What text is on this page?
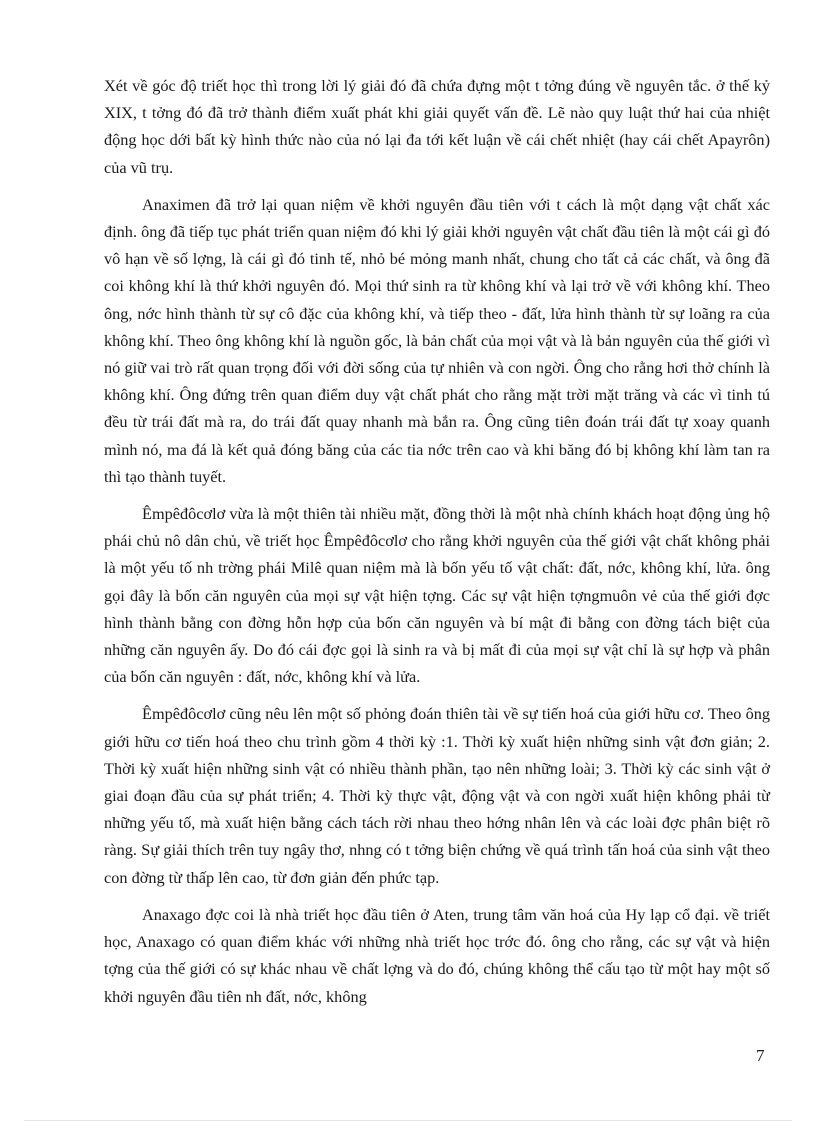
Xét về góc độ triết học thì trong lời lý giải đó đã chứa đựng một t tởng đúng về nguyên tắc. ở thế kỷ XIX, t tởng đó đã trở thành điểm xuất phát khi giải quyết vấn đề. Lẽ nào quy luật thứ hai của nhiệt động học dới bất kỳ hình thức nào của nó lại đa tới kết luận về cái chết nhiệt (hay cái chết Apayrôn) của vũ trụ.

Anaximen đã trở lại quan niệm về khởi nguyên đầu tiên với t cách là một dạng vật chất xác định. ông đã tiếp tục phát triển quan niệm đó khi lý giải khởi nguyên vật chất đầu tiên là một cái gì đó vô hạn về số lợng, là cái gì đó tinh tế, nhỏ bé mỏng manh nhất, chung cho tất cả các chất, và ông đã coi không khí là thứ khởi nguyên đó. Mọi thứ sinh ra từ không khí và lại trở về với không khí. Theo ông, nớc hình thành từ sự cô đặc của không khí, và tiếp theo - đất, lửa hình thành từ sự loãng ra của không khí. Theo ông không khí là nguồn gốc, là bản chất của mọi vật và là bản nguyên của thế giới vì nó giữ vai trò rất quan trọng đối với đời sống của tự nhiên và con ngời. Ông cho rằng hơi thở chính là không khí. Ông đứng trên quan điểm duy vật chất phát cho rằng mặt trời mặt trăng và các vì tinh tú đều từ trái đất mà ra, do trái đất quay nhanh mà bắn ra. Ông cũng tiên đoán trái đất tự xoay quanh mình nó, ma đá là kết quả đóng băng của các tia nớc trên cao và khi băng đó bị không khí làm tan ra thì tạo thành tuyết.

Êmpêđôcơlơ vừa là một thiên tài nhiều mặt, đồng thời là một nhà chính khách hoạt động ủng hộ phái chủ nô dân chủ, về triết học Êmpêđôcơlơ cho rằng khởi nguyên của thế giới vật chất không phải là một yếu tố nh trờng phái Milê quan niệm mà là bốn yếu tố vật chất: đất, nớc, không khí, lửa. ông gọi đây là bốn căn nguyên của mọi sự vật hiện tợng. Các sự vật hiện tợngmuôn vẻ của thế giới đợc hình thành bằng con đờng hỗn hợp của bốn căn nguyên và bí mật đi bằng con đờng tách biệt của những căn nguyên ấy. Do đó cái đợc gọi là sinh ra và bị mất đi của mọi sự vật chỉ là sự hợp và phân của bốn căn nguyên : đất, nớc, không khí và lửa.

Êmpêđôcơlơ cũng nêu lên một số phỏng đoán thiên tài về sự tiến hoá của giới hữu cơ. Theo ông giới hữu cơ tiến hoá theo chu trình gồm 4 thời kỳ :1. Thời kỳ xuất hiện những sinh vật đơn giản; 2. Thời kỳ xuất hiện những sinh vật có nhiều thành phần, tạo nên những loài; 3. Thời kỳ các sinh vật ở giai đoạn đầu của sự phát triển; 4. Thời kỳ thực vật, động vật và con ngời xuất hiện không phải từ những yếu tố, mà xuất hiện bằng cách tách rời nhau theo hớng nhân lên và các loài đợc phân biệt rõ ràng. Sự giải thích trên tuy ngây thơ, nhng có t tởng biện chứng về quá trình tấn hoá của sinh vật theo con đờng từ thấp lên cao, từ đơn giản đến phức tạp.

Anaxago đợc coi là nhà triết học đầu tiên ở Aten, trung tâm văn hoá của Hy lạp cổ đại. về triết học, Anaxago có quan điểm khác với những nhà triết học trớc đó. ông cho rằng, các sự vật và hiện tợng của thế giới có sự khác nhau về chất lợng và do đó, chúng không thể cấu tạo từ một hay một số khởi nguyên đầu tiên nh đất, nớc, không

7
